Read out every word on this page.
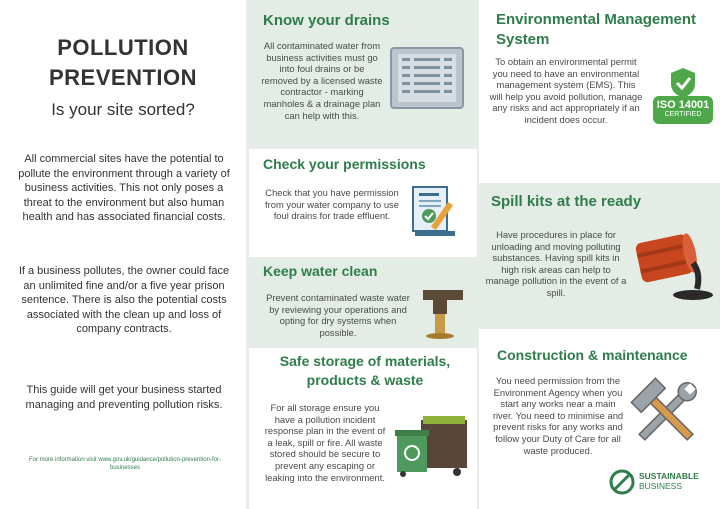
POLLUTION
PREVENTION
Is your site sorted?
All commercial sites have the potential to pollute the environment through a variety of business activities. This not only poses a threat to the environment but also human health and has associated financial costs.
If a business pollutes, the owner could face an unlimited fine and/or a five year prison sentence. There is also the potential costs associated with the clean up and loss of company contracts.
This guide will get your business started managing and preventing pollution risks.
For more information visit www.gov.uk/guidance/pollution-prevention-for-businesses
Know your drains
All contaminated water from business activities must go into foul drains or be removed by a licensed waste contractor - marking manholes & a drainage plan can help with this.
Check your permissions
Check that you have permission from your water company to use foul drains for trade effluent.
Keep water clean
Prevent contaminated waste water by reviewing your operations and opting for dry systems when possible.
Safe storage of materials,
products & waste
For all storage ensure you have a pollution incident response plan in the event of a leak, spill or fire. All waste stored should be secure to prevent any escaping or leaking into the environment.
Environmental Management
System
To obtain an environmental permit you need to have an environmental management system (EMS). This will help you avoid pollution, manage any risks and act appropriately if an incident does occur.
ISO 14001
CERTIFIED
Spill kits at the ready
Have procedures in place for unloading and moving polluting substances. Having spill kits in high risk areas can help to manage pollution in the event of a spill.
Construction & maintenance
You need permission from the Environment Agency when you start any works near a main river. You need to minimise and prevent risks for any works and follow your Duty of Care for all waste produced.
SUSTAINABLE
BUSINESS
